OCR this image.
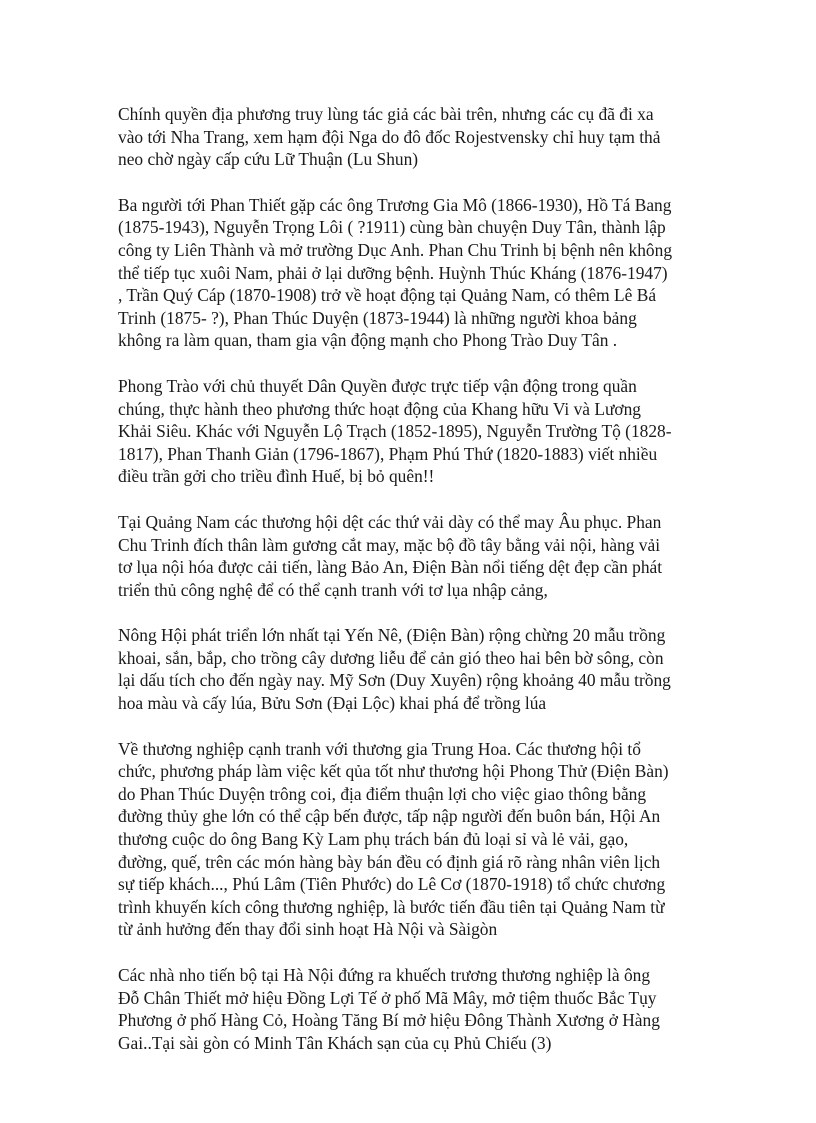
Chính quyền địa phương truy lùng tác giả các bài trên, nhưng các cụ đã đi xa
vào tới Nha Trang, xem hạm đội Nga do đô đốc Rojestvensky chỉ huy tạm thả
neo chờ ngày cấp cứu Lữ Thuận (Lu Shun)

Ba người tới Phan Thiết gặp các ông Trương Gia Mô (1866-1930), Hồ Tá Bang
(1875-1943), Nguyễn Trọng Lôi ( ?1911) cùng bàn chuyện Duy Tân, thành lập
công ty Liên Thành và mở trường Dục Anh. Phan Chu Trinh bị bệnh nên không
thể tiếp tục xuôi Nam, phải ở lại dưỡng bệnh. Huỳnh Thúc Kháng (1876-1947)
, Trần Quý Cáp (1870-1908) trở về hoạt động tại Quảng Nam, có thêm Lê Bá
Trinh (1875- ?), Phan Thúc Duyện (1873-1944) là những người khoa bảng
không ra làm quan, tham gia vận động mạnh cho Phong Trào Duy Tân .

Phong Trào với chủ thuyết Dân Quyền được trực tiếp vận động trong quần
chúng, thực hành theo phương thức hoạt động của Khang hữu Vi và Lương
Khải Siêu. Khác với Nguyễn Lộ Trạch (1852-1895), Nguyễn Trường Tộ (1828-
1817), Phan Thanh Giản (1796-1867), Phạm Phú Thứ (1820-1883) viết nhiều
điều trần gởi cho triều đình Huế, bị bỏ quên!!

Tại Quảng Nam các thương hội dệt các thứ vải dày có thể may Âu phục. Phan
Chu Trinh đích thân làm gương cắt may, mặc bộ đồ tây bằng vải nội, hàng vải
tơ lụa nội hóa được cải tiến, làng Bảo An, Điện Bàn nổi tiếng dệt đẹp cần phát
triển thủ công nghệ để có thể cạnh tranh với tơ lụa nhập cảng,

Nông Hội phát triển lớn nhất tại Yến Nê, (Điện Bàn) rộng chừng 20 mẫu trồng
khoai, sắn, bắp, cho trồng cây dương liễu để cản gió theo hai bên bờ sông, còn
lại dấu tích cho đến ngày nay. Mỹ Sơn (Duy Xuyên) rộng khoảng 40 mẫu trồng
hoa màu và cấy lúa, Bửu Sơn (Đại Lộc) khai phá để trồng lúa

Về thương nghiệp cạnh tranh với thương gia Trung Hoa. Các thương hội tổ
chức, phương pháp làm việc kết qủa tốt như thương hội Phong Thử (Điện Bàn)
do Phan Thúc Duyện trông coi, địa điểm thuận lợi cho việc giao thông bằng
đường thủy ghe lớn có thể cập bến được, tấp nập người đến buôn bán, Hội An
thương cuộc do ông Bang Kỳ Lam phụ trách bán đủ loại sỉ và lẻ vải, gạo,
đường, quế, trên các món hàng bày bán đều có định giá rõ ràng nhân viên lịch
sự tiếp khách..., Phú Lâm (Tiên Phước) do Lê Cơ (1870-1918) tổ chức chương
trình khuyến kích công thương nghiệp, là bước tiến đầu tiên tại Quảng Nam từ
từ ảnh hưởng đến thay đổi sinh hoạt Hà Nội và Sàigòn

Các nhà nho tiến bộ tại Hà Nội đứng ra khuếch trương thương nghiệp là ông
Đỗ Chân Thiết mở hiệu Đồng Lợi Tế ở phố Mã Mây, mở tiệm thuốc Bắc Tụy
Phương ở phố Hàng Cỏ, Hoàng Tăng Bí mở hiệu Đông Thành Xương ở Hàng
Gai..Tại sài gòn có Minh Tân Khách sạn của cụ Phủ Chiếu (3)
